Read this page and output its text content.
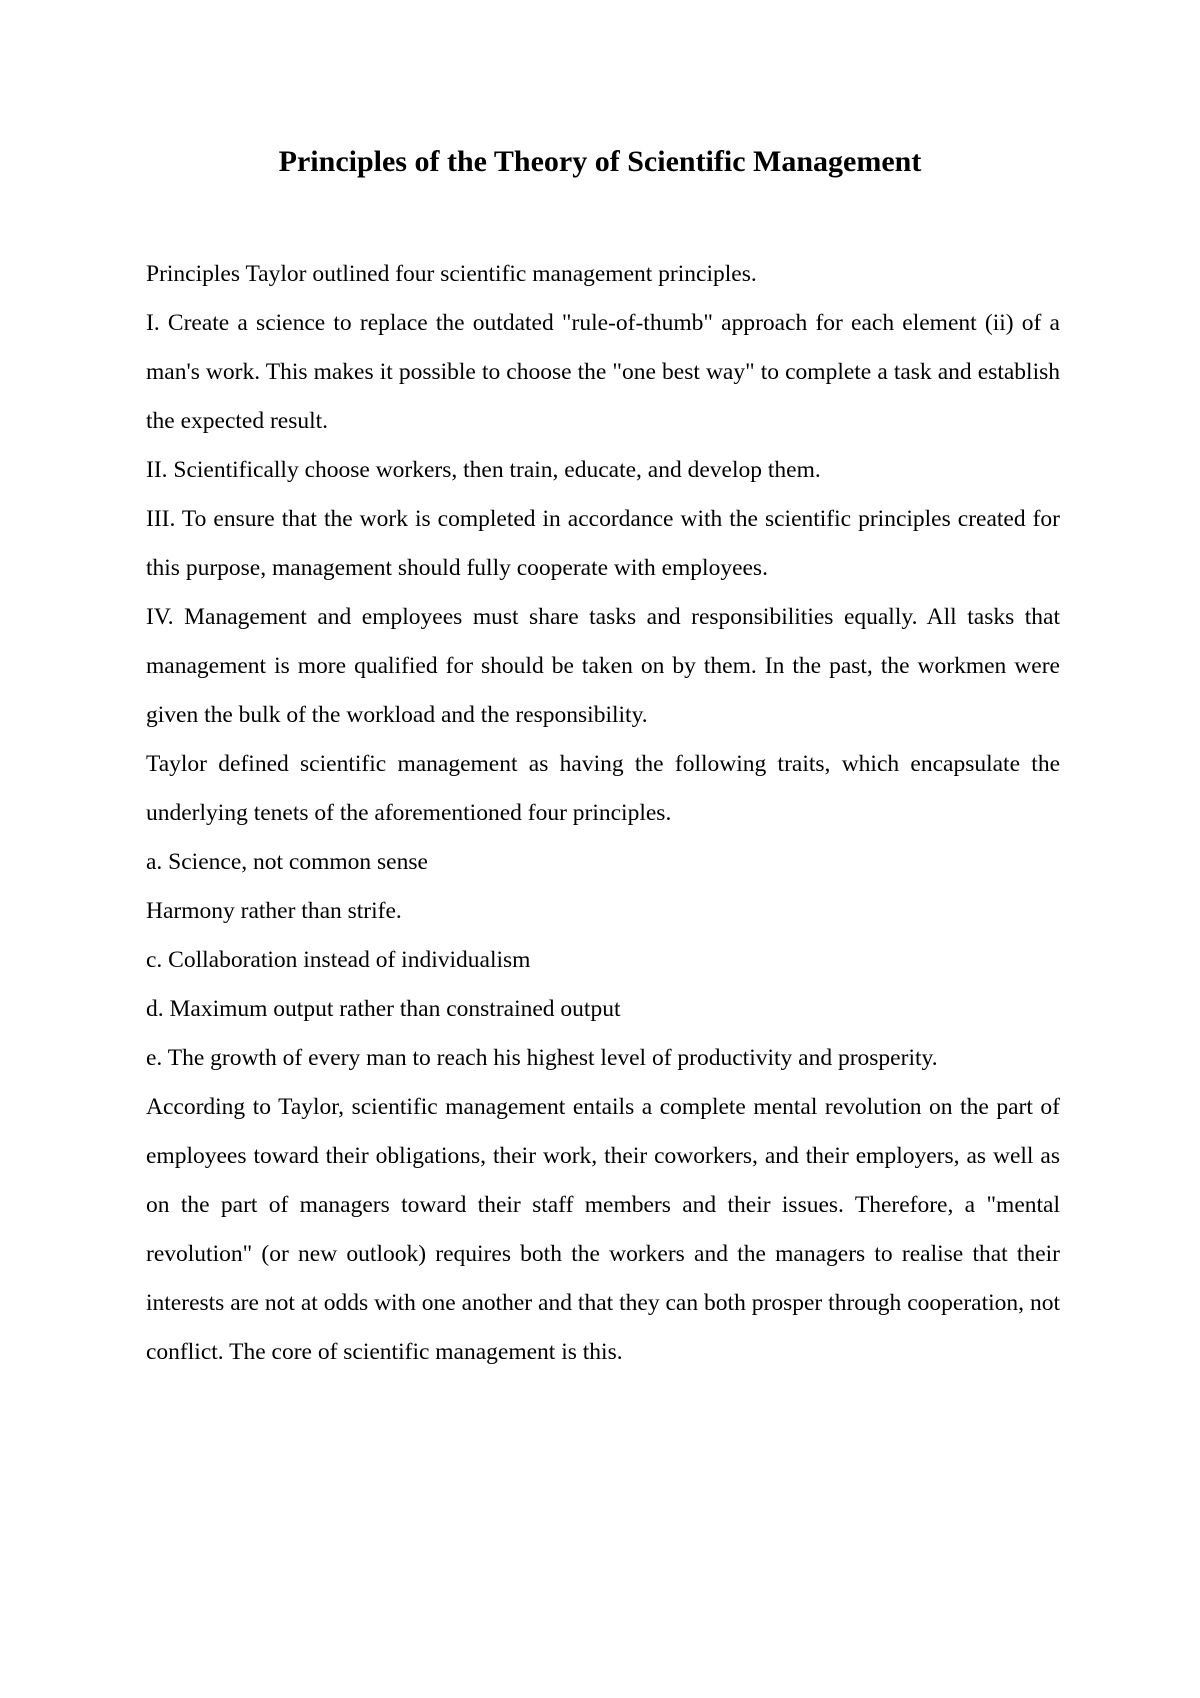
Principles of the Theory of Scientific Management

Principles Taylor outlined four scientific management principles.

I. Create a science to replace the outdated "rule-of-thumb" approach for each element (ii) of a man's work. This makes it possible to choose the "one best way" to complete a task and establish the expected result.

II. Scientifically choose workers, then train, educate, and develop them.

III. To ensure that the work is completed in accordance with the scientific principles created for this purpose, management should fully cooperate with employees.

IV. Management and employees must share tasks and responsibilities equally. All tasks that management is more qualified for should be taken on by them. In the past, the workmen were given the bulk of the workload and the responsibility.

Taylor defined scientific management as having the following traits, which encapsulate the underlying tenets of the aforementioned four principles.

a. Science, not common sense

Harmony rather than strife.

c. Collaboration instead of individualism

d. Maximum output rather than constrained output

e. The growth of every man to reach his highest level of productivity and prosperity.

According to Taylor, scientific management entails a complete mental revolution on the part of employees toward their obligations, their work, their coworkers, and their employers, as well as on the part of managers toward their staff members and their issues. Therefore, a "mental revolution" (or new outlook) requires both the workers and the managers to realise that their interests are not at odds with one another and that they can both prosper through cooperation, not conflict. The core of scientific management is this.
